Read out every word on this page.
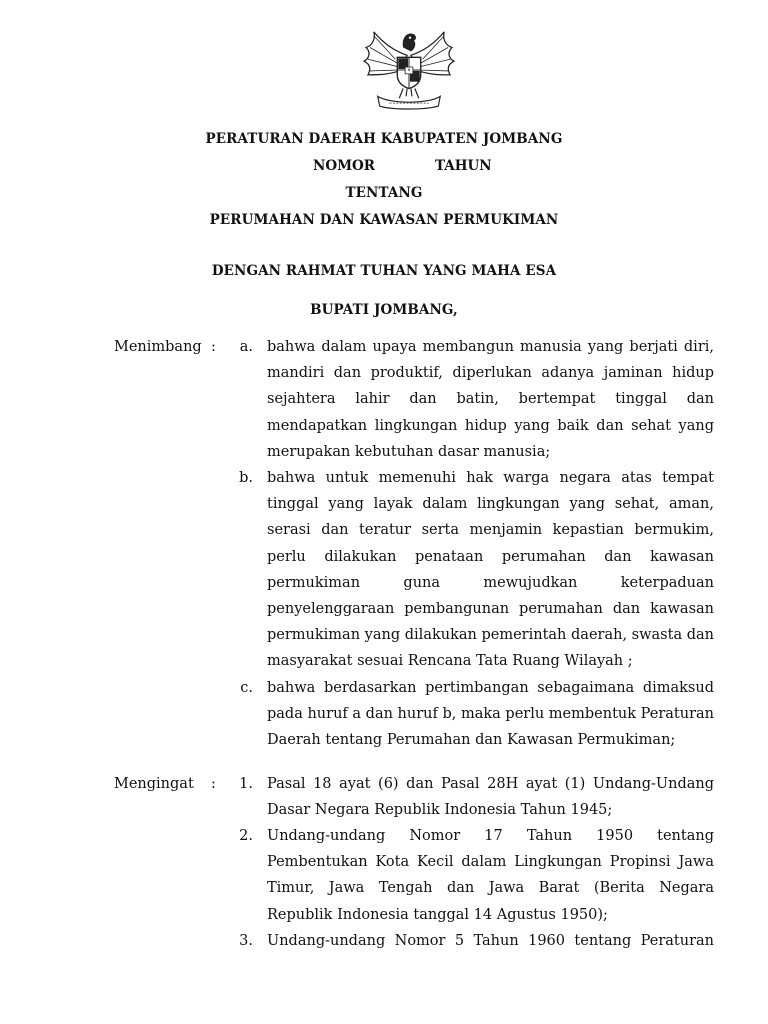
PERATURAN DAERAH KABUPATEN JOMBANG
NOMOR	TAHUN
TENTANG
PERUMAHAN DAN KAWASAN PERMUKIMAN
DENGAN RAHMAT TUHAN YANG MAHA ESA
BUPATI JOMBANG,
Menimbang :	a. bahwa dalam upaya membangun manusia yang berjati diri, mandiri dan produktif, diperlukan adanya jaminan hidup sejahtera lahir dan batin, bertempat tinggal dan mendapatkan lingkungan hidup yang baik dan sehat yang merupakan kebutuhan dasar manusia;
b. bahwa untuk memenuhi hak warga negara atas tempat tinggal yang layak dalam lingkungan yang sehat, aman, serasi dan teratur serta menjamin kepastian bermukim, perlu dilakukan penataan perumahan dan kawasan permukiman guna mewujudkan keterpaduan penyelenggaraan pembangunan perumahan dan kawasan permukiman yang dilakukan pemerintah daerah, swasta dan masyarakat sesuai Rencana Tata Ruang Wilayah ;
c. bahwa berdasarkan pertimbangan sebagaimana dimaksud pada huruf a dan huruf b, maka perlu membentuk Peraturan Daerah tentang Perumahan dan Kawasan Permukiman;
Mengingat :	1. Pasal 18 ayat (6) dan Pasal 28H ayat (1) Undang-Undang Dasar Negara Republik Indonesia Tahun 1945;
2. Undang-undang Nomor 17 Tahun 1950 tentang Pembentukan Kota Kecil dalam Lingkungan Propinsi Jawa Timur, Jawa Tengah dan Jawa Barat (Berita Negara Republik Indonesia tanggal 14 Agustus 1950);
3. Undang-undang Nomor 5 Tahun 1960 tentang Peraturan
